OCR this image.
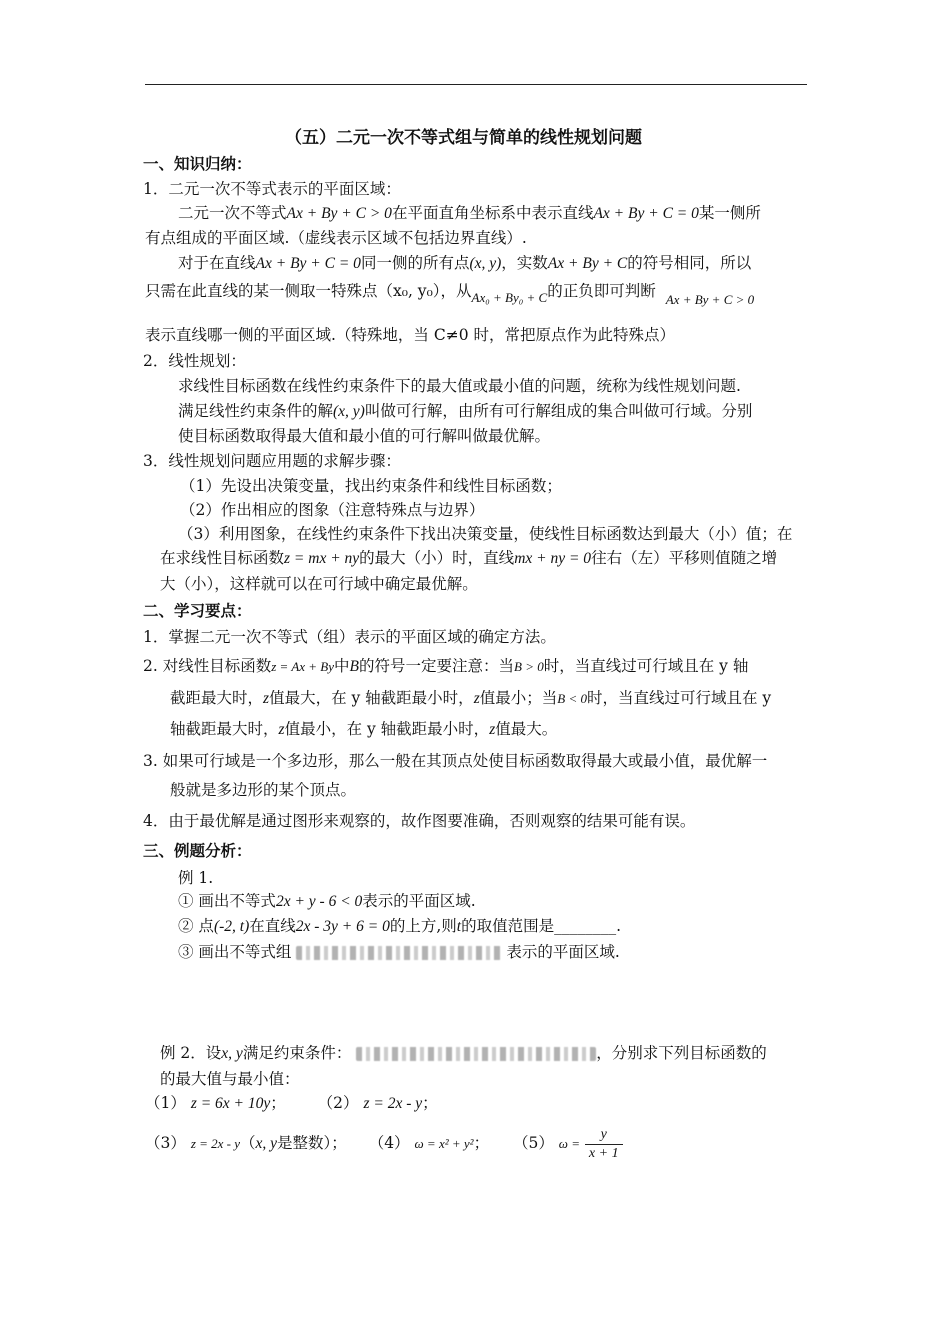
（五）二元一次不等式组与简单的线性规划问题
一、知识归纳：
1．二元一次不等式表示的平面区域：
二元一次不等式Ax + By + C > 0在平面直角坐标系中表示直线Ax + By + C = 0某一侧所
有点组成的平面区域.（虚线表示区域不包括边界直线）.
对于在直线Ax + By + C = 0同一侧的所有点(x, y)，实数Ax + By + C的符号相同，所以
只需在此直线的某一侧取一特殊点（x₀, y₀），从$_{Ax_0 + By_0 + C}$的正负即可判断 $_{Ax + By + C > 0}$
表示直线哪一侧的平面区域.（特殊地，当 C≠0 时，常把原点作为此特殊点）
2．线性规划：
求线性目标函数在线性约束条件下的最大值或最小值的问题，统称为线性规划问题.
满足线性约束条件的解(x, y)叫做可行解，由所有可行解组成的集合叫做可行域。分别
使目标函数取得最大值和最小值的可行解叫做最优解。
3．线性规划问题应用题的求解步骤：
（1）先设出决策变量，找出约束条件和线性目标函数；
（2）作出相应的图象（注意特殊点与边界）
（3）利用图象，在线性约束条件下找出决策变量，使线性目标函数达到最大（小）值；在
在求线性目标函数z = mx + ny的最大（小）时，直线mx + ny = 0往右（左）平移则值随之增
大（小），这样就可以在可行域中确定最优解。
二、学习要点：
1．掌握二元一次不等式（组）表示的平面区域的确定方法。
2. 对线性目标函数z = Ax + By中B的符号一定要注意：当B > 0时，当直线过可行域且在 y 轴
截距最大时，z值最大，在 y 轴截距最小时，z值最小；当B < 0时，当直线过可行域且在 y
轴截距最大时，z值最小，在 y 轴截距最小时，z值最大。
3. 如果可行域是一个多边形，那么一般在其顶点处使目标函数取得最大或最小值，最优解一
般就是多边形的某个顶点。
4．由于最优解是通过图形来观察的，故作图要准确，否则观察的结果可能有误。
三、例题分析：
例 1.
① 画出不等式2x + y - 6 < 0表示的平面区域.
② 点(-2, t)在直线2x - 3y + 6 = 0的上方,则t的取值范围是________.
③ 画出不等式组	表示的平面区域.
例 2．设x, y满足约束条件：	，分别求下列目标函数的
的最大值与最小值：
（1） z = 6x + 10y； （2） z = 2x - y；
（3） z = 2x - y（x, y是整数）； （4） ω = x² + y²； （5） $\omega = \frac{y}{x + 1}$
